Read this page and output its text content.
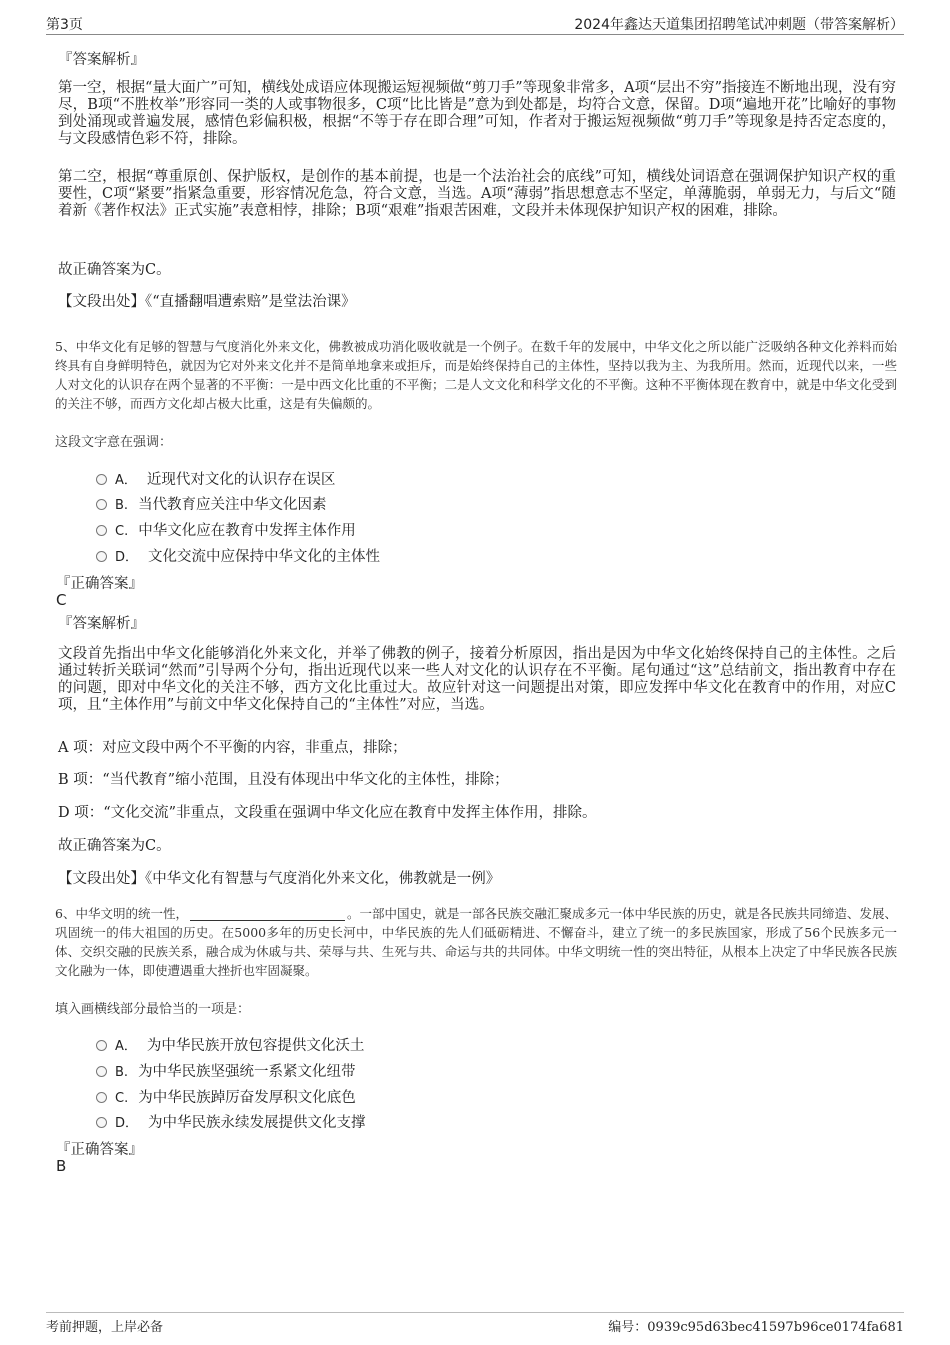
第3页	2024年鑫达天道集团招聘笔试冲刺题（带答案解析）
『答案解析』

第一空，根据“量大面广”可知，横线处成语应体现搬运短视频做“剪刀手”等现象非常多，A项“层出不穷”指接连不断地出现，没有穷尽，B项“不胜枚举”形容同一类的人或事物很多，C项“比比皆是”意为到处都是，均符合文意，保留。D项“遍地开花”比喻好的事物到处涌现或普遍发展，感情色彩偏积极，根据“不等于存在即合理”可知，作者对于搬运短视频做“剪刀手”等现象是持否定态度的，与文段感情色彩不符，排除。

第二空，根据“尊重原创、保护版权，是创作的基本前提，也是一个法治社会的底线”可知，横线处词语意在强调保护知识产权的重要性，C项“紧要”指紧急重要，形容情况危急，符合文意，当选。A项“薄弱”指思想意志不坚定，单薄脆弱，单弱无力，与后文“随着新《著作权法》正式实施”表意相悖，排除；B项“艰难”指艰苦困难，文段并未体现保护知识产权的困难，排除。

故正确答案为C。
【文段出处】《“直播翻唱遭索赔”是堂法治课》

5、中华文化有足够的智慧与气度消化外来文化，佛教被成功消化吸收就是一个例子。在数千年的发展中，中华文化之所以能广泛吸纳各种文化养料而始终具有自身鲜明特色，就因为它对外来文化并不是简单地拿来或拒斥，而是始终保持自己的主体性，坚持以我为主、为我所用。然而，近现代以来，一些人对文化的认识存在两个显著的不平衡：一是中西文化比重的不平衡；二是人文文化和科学文化的不平衡。这种不平衡体现在教育中，就是中华文化受到的关注不够，而西方文化却占极大比重，这是有失偏颇的。

这段文字意在强调：
A． 近现代对文化的认识存在误区
B. 当代教育应关注中华文化因素
C. 中华文化应在教育中发挥主体作用
D． 文化交流中应保持中华文化的主体性
『正确答案』
C
『答案解析』

文段首先指出中华文化能够消化外来文化，并举了佛教的例子，接着分析原因，指出是因为中华文化始终保持自己的主体性。之后通过转折关联词“然而”引导两个分句，指出近现代以来一些人对文化的认识存在不平衡。尾句通过“这”总结前文，指出教育中存在的问题，即对中华文化的关注不够，西方文化比重过大。故应针对这一问题提出对策，即应发挥中华文化在教育中的作用，对应C 项，且“主体作用”与前文中华文化保持自己的“主体性”对应，当选。

A 项：对应文段中两个不平衡的内容，非重点，排除；
B 项：“当代教育”缩小范围，且没有体现出中华文化的主体性，排除；
D 项：“文化交流”非重点，文段重在强调中华文化应在教育中发挥主体作用，排除。
故正确答案为C。
【文段出处】《中华文化有智慧与气度消化外来文化，佛教就是一例》

6、中华文明的统一性，	。一部中国史，就是一部各民族交融汇聚成多元一体中华民族的历史，就是各民族共同缔造、发展、巩固统一的伟大祖国的历史。在5000多年的历史长河中，中华民族的先人们砥砺精进、不懈奋斗，建立了统一的多民族国家，形成了56个民族多元一体、交织交融的民族关系，融合成为休戚与共、荣辱与共、生死与共、命运与共的共同体。中华文明统一性的突出特征，从根本上决定了中华民族各民族文化融为一体，即使遭遇重大挫折也牢固凝聚。

填入画横线部分最恰当的一项是：
A． 为中华民族开放包容提供文化沃土
B. 为中华民族坚强统一系紧文化纽带
C. 为中华民族踔厉奋发厚积文化底色
D． 为中华民族永续发展提供文化支撑
『正确答案』
B
考前押题，上岸必备	编号：0939c95d63bec41597b96ce0174fa681
